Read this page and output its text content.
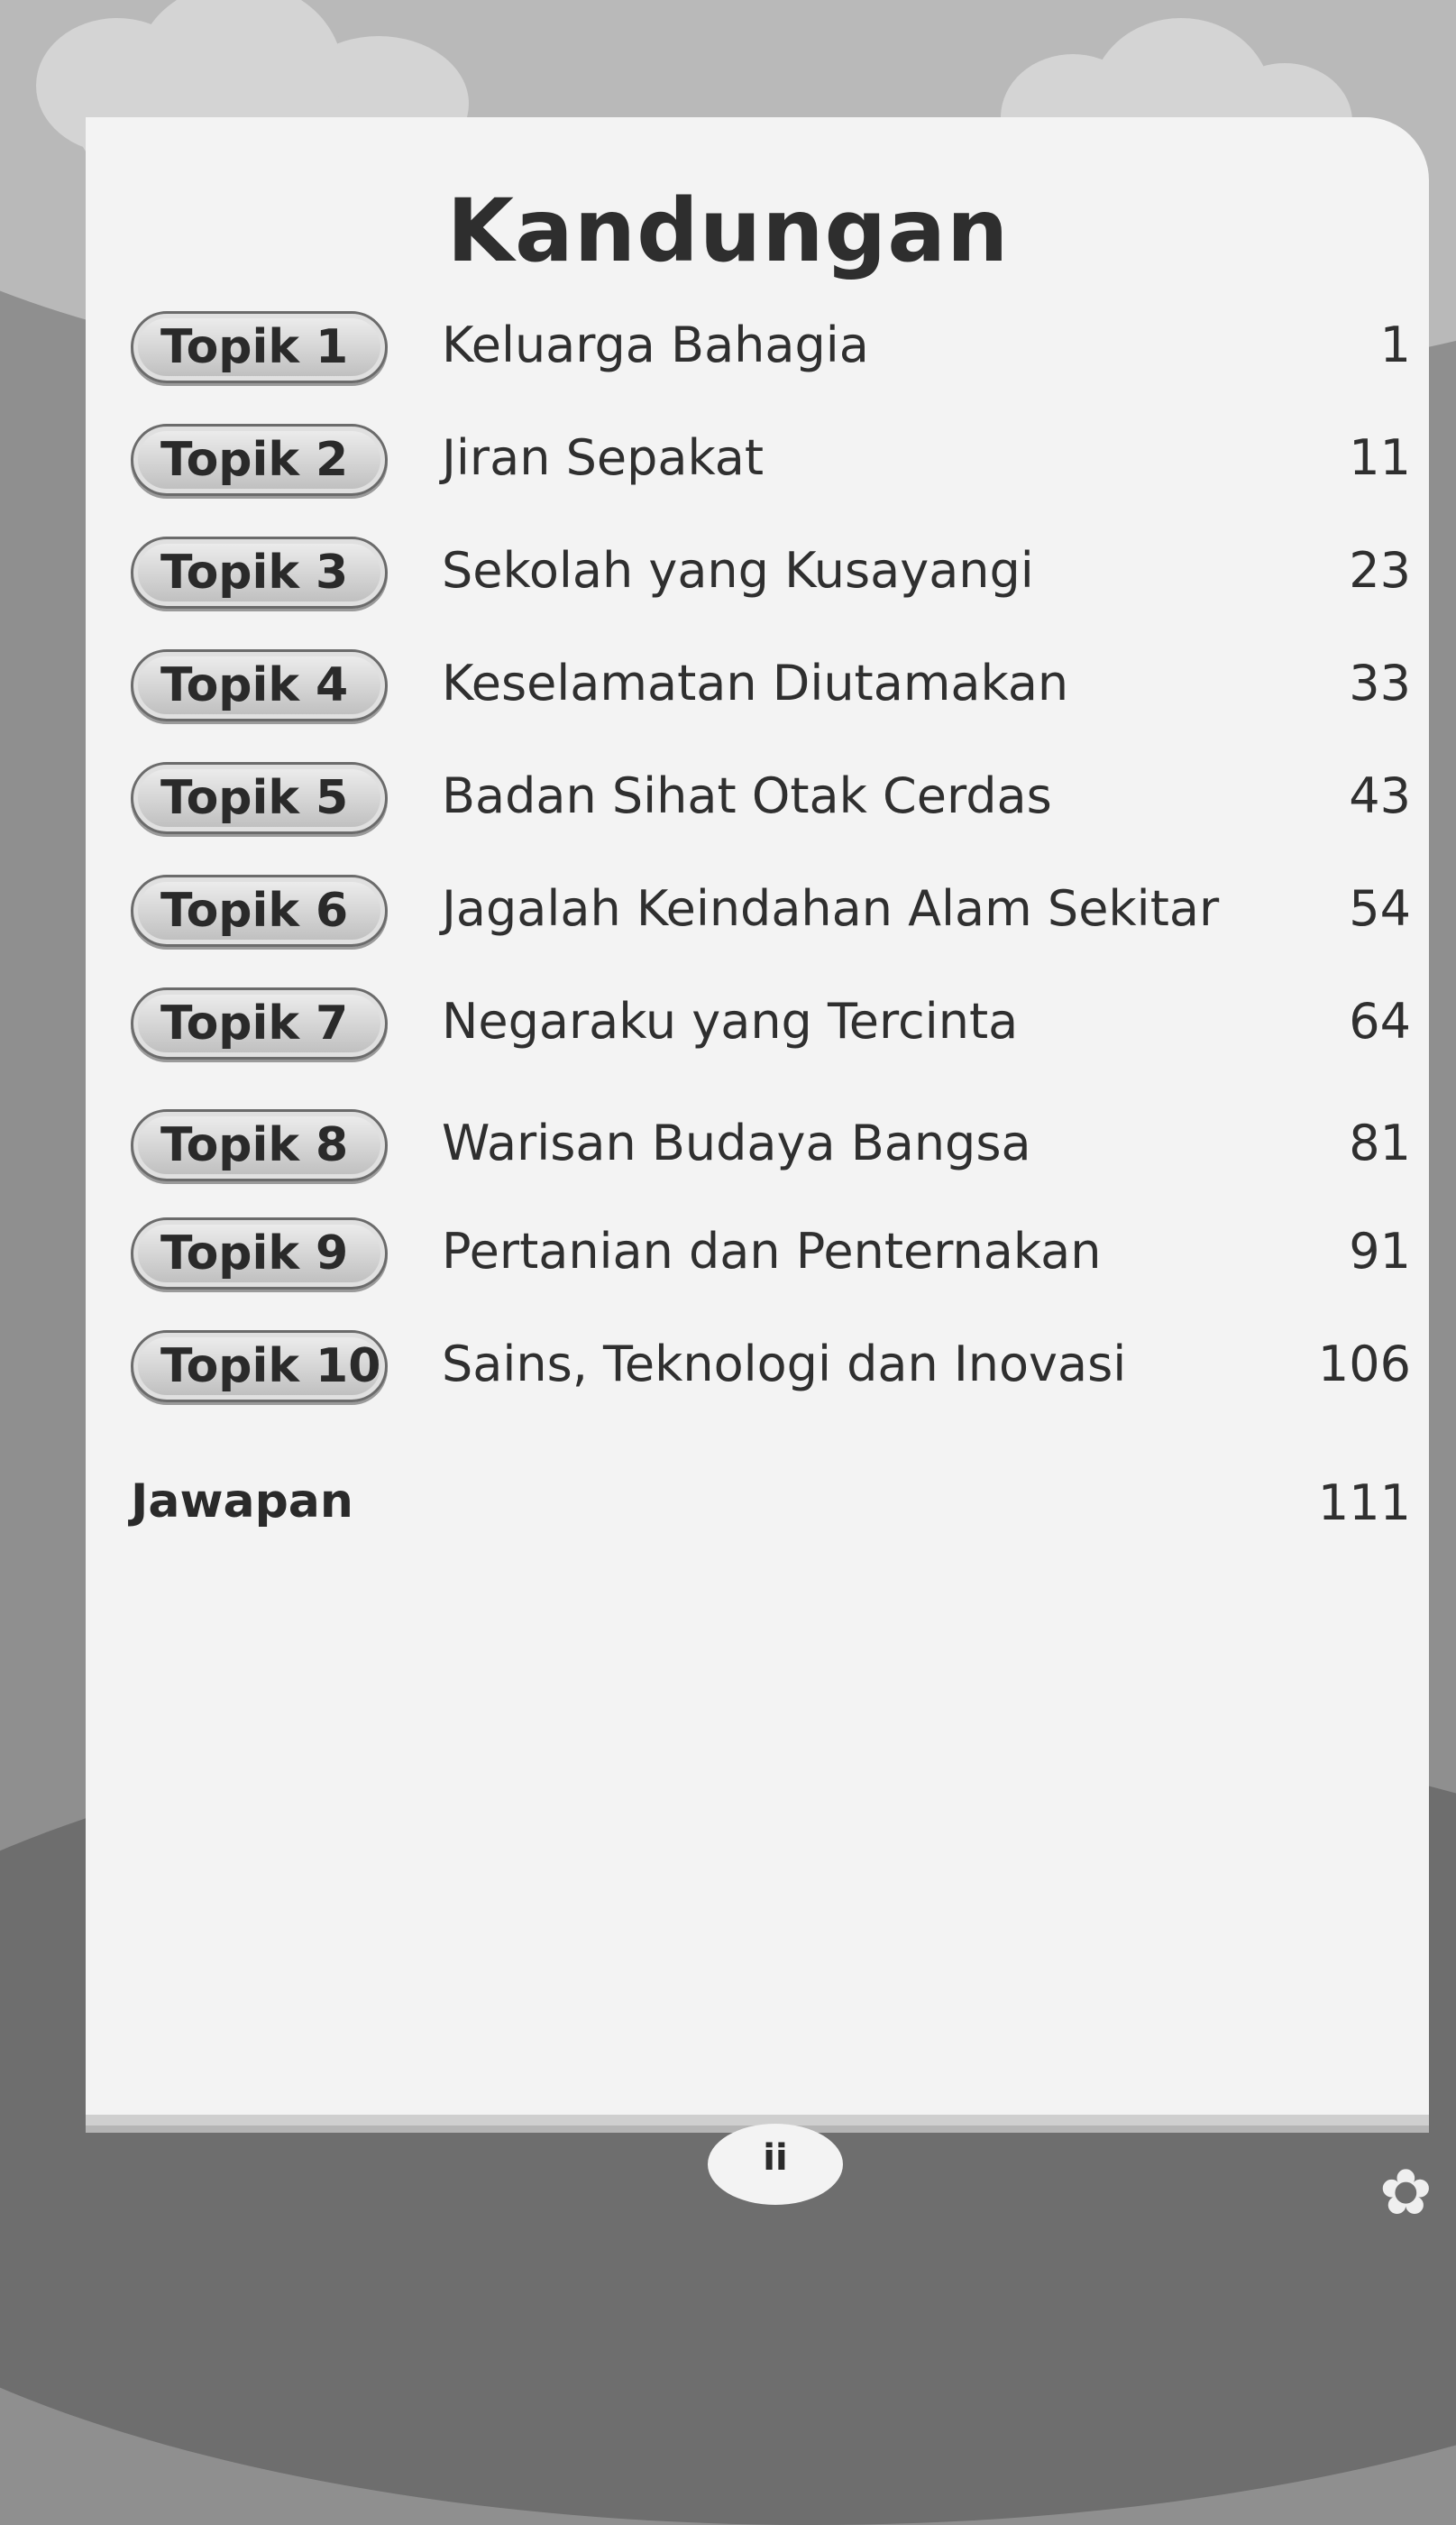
Kandungan
Topik 1	Keluarga Bahagia	1
Topik 2	Jiran Sepakat	11
Topik 3	Sekolah yang Kusayangi	23
Topik 4	Keselamatan Diutamakan	33
Topik 5	Badan Sihat Otak Cerdas	43
Topik 6	Jagalah Keindahan Alam Sekitar	54
Topik 7	Negaraku yang Tercinta	64
Topik 8	Warisan Budaya Bangsa	81
Topik 9	Pertanian dan Penternakan	91
Topik 10 Sains, Teknologi dan Inovasi	106
Jawapan	111
ii	✿
